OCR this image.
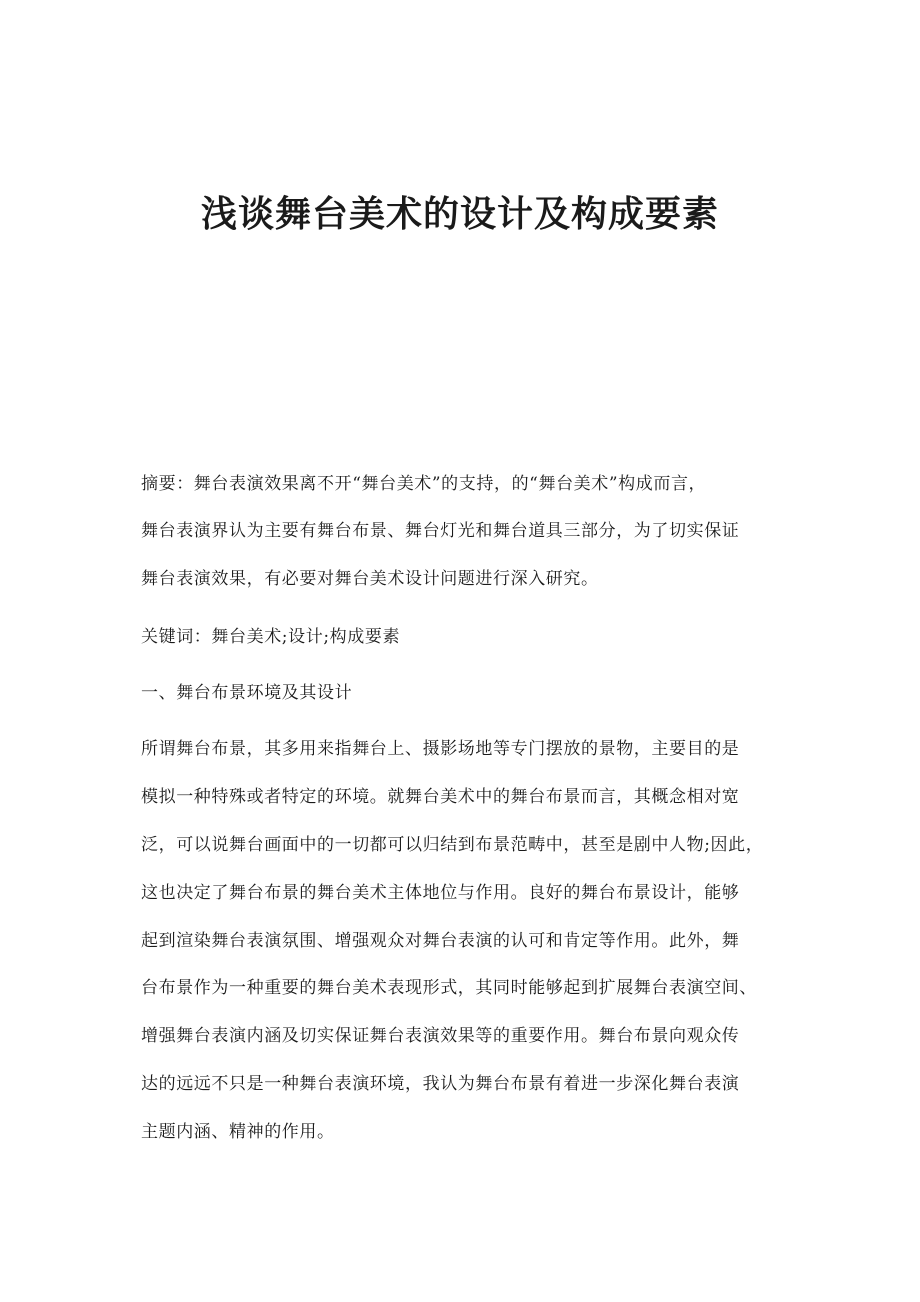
浅谈舞台美术的设计及构成要素
摘要：舞台表演效果离不开“舞台美术”的支持，的“舞台美术”构成而言，
舞台表演界认为主要有舞台布景、舞台灯光和舞台道具三部分，为了切实保证
舞台表演效果，有必要对舞台美术设计问题进行深入研究。
关键词：舞台美术;设计;构成要素
一、舞台布景环境及其设计
所谓舞台布景，其多用来指舞台上、摄影场地等专门摆放的景物，主要目的是
模拟一种特殊或者特定的环境。就舞台美术中的舞台布景而言，其概念相对宽
泛，可以说舞台画面中的一切都可以归结到布景范畴中，甚至是剧中人物;因此，
这也决定了舞台布景的舞台美术主体地位与作用。良好的舞台布景设计，能够
起到渲染舞台表演氛围、增强观众对舞台表演的认可和肯定等作用。此外，舞
台布景作为一种重要的舞台美术表现形式，其同时能够起到扩展舞台表演空间、
增强舞台表演内涵及切实保证舞台表演效果等的重要作用。舞台布景向观众传
达的远远不只是一种舞台表演环境，我认为舞台布景有着进一步深化舞台表演
主题内涵、精神的作用。
